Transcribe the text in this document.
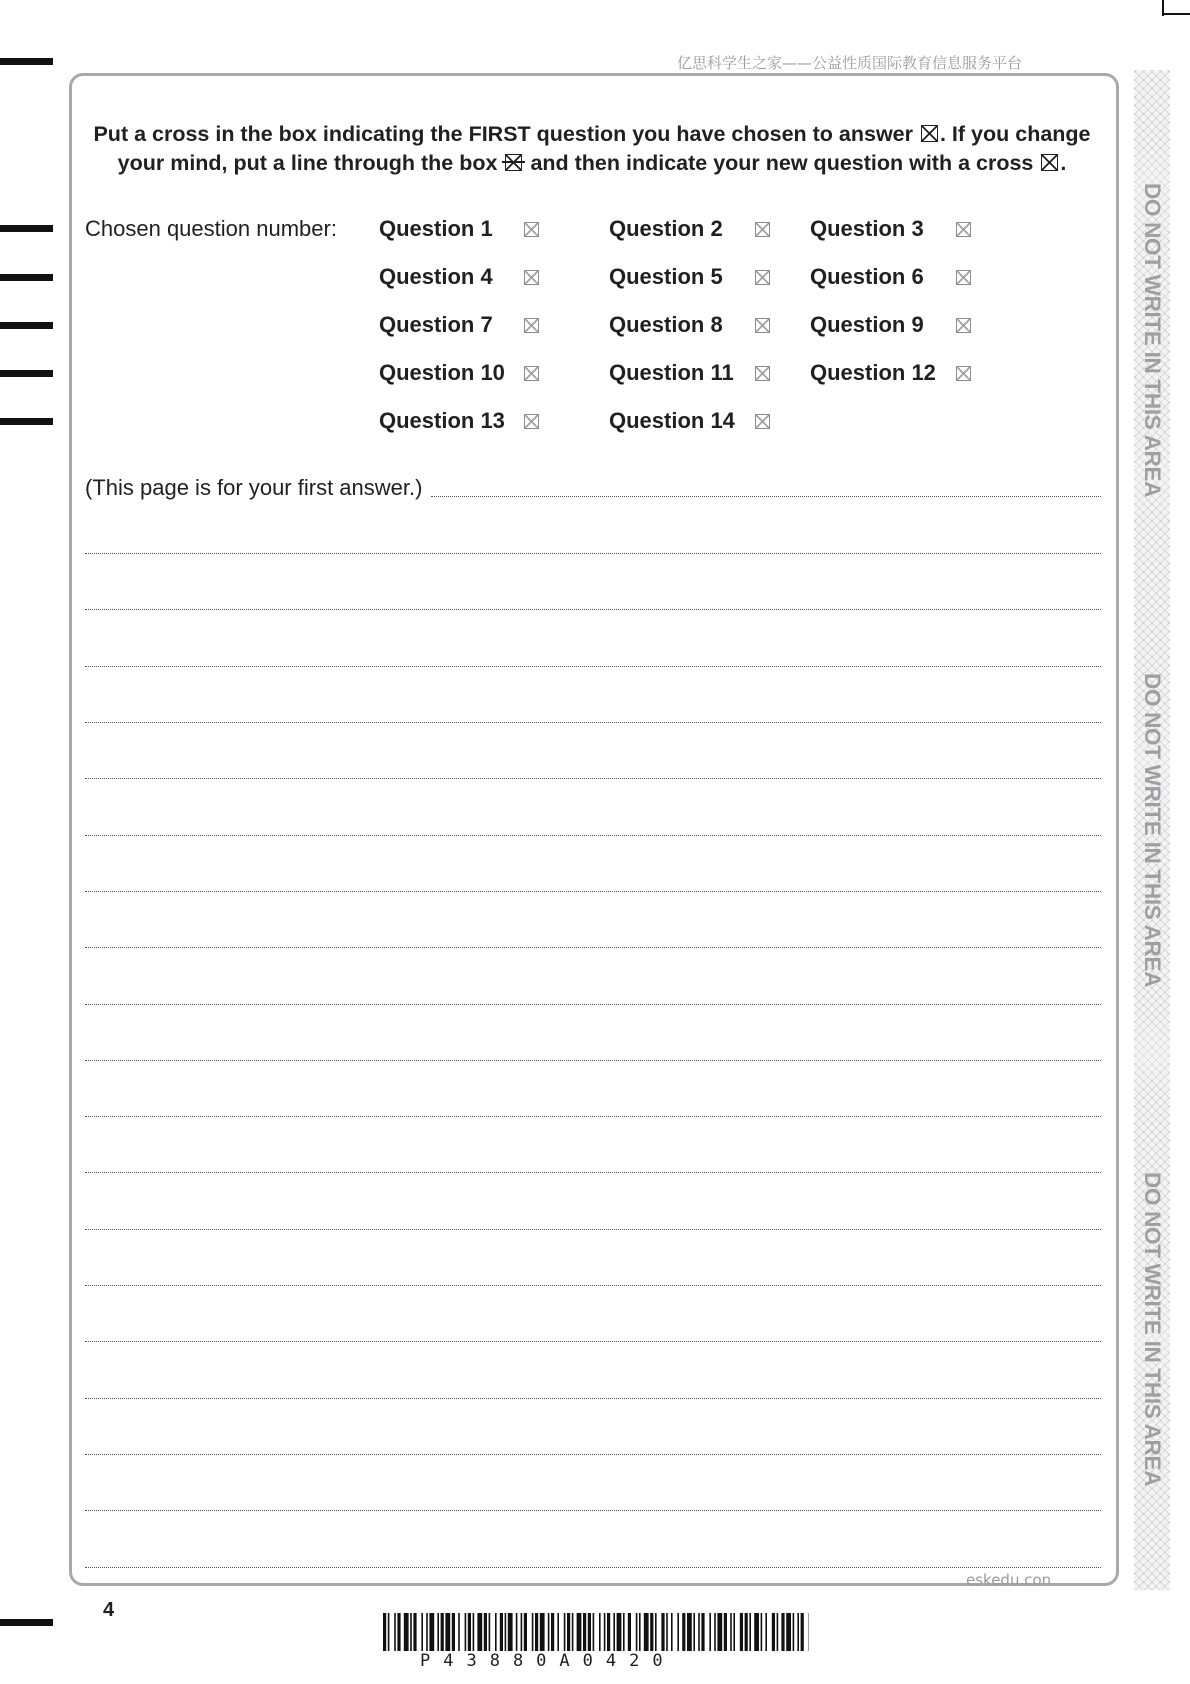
亿思科学生之家——公益性质国际教育信息服务平台
Put a cross in the box indicating the FIRST question you have chosen to answer ☒ . If you change
your mind, put a line through the box and then indicate your new question with a cross ☒ .
Chosen question number: Question 1	Question 2	Question 3
Question 4	Question 5	Question 6
Question 7	Question 8	Question 9
Question 10	Question 11	Question 12
Question 13	Question 14
(This page is for your first answer.)
eskedu.con
DO NOT WRITE IN THIS AREA
DO NOT WRITE IN THIS AREA
DO NOT WRITE IN THIS AREA
4
P43880A0420
